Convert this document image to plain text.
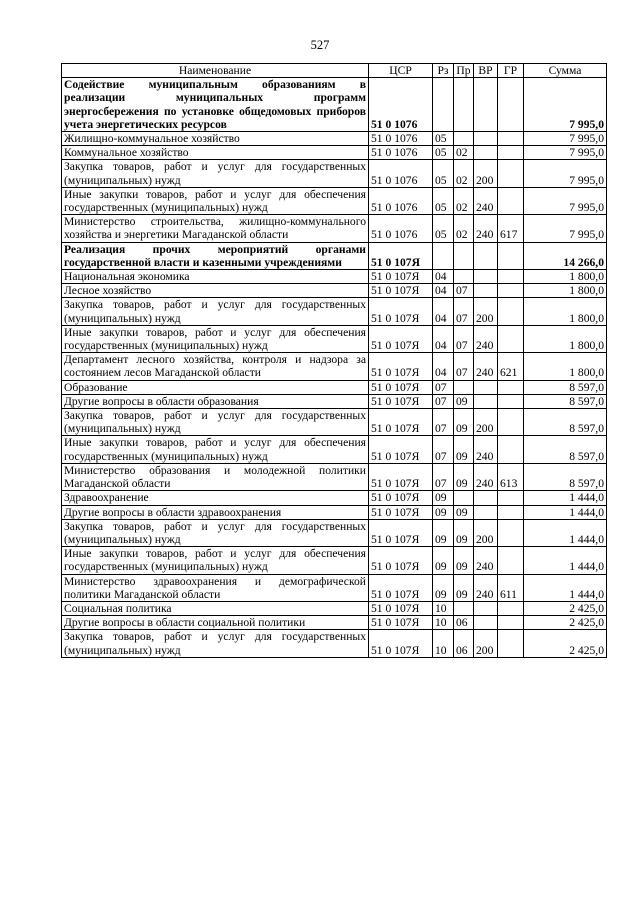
527
Наименование	ЦСР	Рз	Пр	ВР	ГР	Сумма
Содействие муниципальным образованиям в реализации муниципальных программ энергосбережения по установке общедомовых приборов учета энергетических ресурсов	51 0 1076					7 995,0
Жилищно-коммунальное хозяйство	51 0 1076	05				7 995,0
Коммунальное хозяйство	51 0 1076	05	02			7 995,0
Закупка товаров, работ и услуг для государственных (муниципальных) нужд	51 0 1076	05	02	200		7 995,0
Иные закупки товаров, работ и услуг для обеспечения государственных (муниципальных) нужд	51 0 1076	05	02	240		7 995,0
Министерство строительства, жилищно-коммунального хозяйства и энергетики Магаданской области	51 0 1076	05	02	240	617	7 995,0
Реализация прочих мероприятий органами государственной власти и казенными учреждениями	51 0 107Я					14 266,0
Национальная экономика	51 0 107Я	04				1 800,0
Лесное хозяйство	51 0 107Я	04	07			1 800,0
Закупка товаров, работ и услуг для государственных (муниципальных) нужд	51 0 107Я	04	07	200		1 800,0
Иные закупки товаров, работ и услуг для обеспечения государственных (муниципальных) нужд	51 0 107Я	04	07	240		1 800,0
Департамент лесного хозяйства, контроля и надзора за состоянием лесов Магаданской области	51 0 107Я	04	07	240	621	1 800,0
Образование	51 0 107Я	07				8 597,0
Другие вопросы в области образования	51 0 107Я	07	09			8 597,0
Закупка товаров, работ и услуг для государственных (муниципальных) нужд	51 0 107Я	07	09	200		8 597,0
Иные закупки товаров, работ и услуг для обеспечения государственных (муниципальных) нужд	51 0 107Я	07	09	240		8 597,0
Министерство образования и молодежной политики Магаданской области	51 0 107Я	07	09	240	613	8 597,0
Здравоохранение	51 0 107Я	09				1 444,0
Другие вопросы в области здравоохранения	51 0 107Я	09	09			1 444,0
Закупка товаров, работ и услуг для государственных (муниципальных) нужд	51 0 107Я	09	09	200		1 444,0
Иные закупки товаров, работ и услуг для обеспечения государственных (муниципальных) нужд	51 0 107Я	09	09	240		1 444,0
Министерство здравоохранения и демографической политики Магаданской области	51 0 107Я	09	09	240	611	1 444,0
Социальная политика	51 0 107Я	10				2 425,0
Другие вопросы в области социальной политики	51 0 107Я	10	06			2 425,0
Закупка товаров, работ и услуг для государственных (муниципальных) нужд	51 0 107Я	10	06	200		2 425,0
